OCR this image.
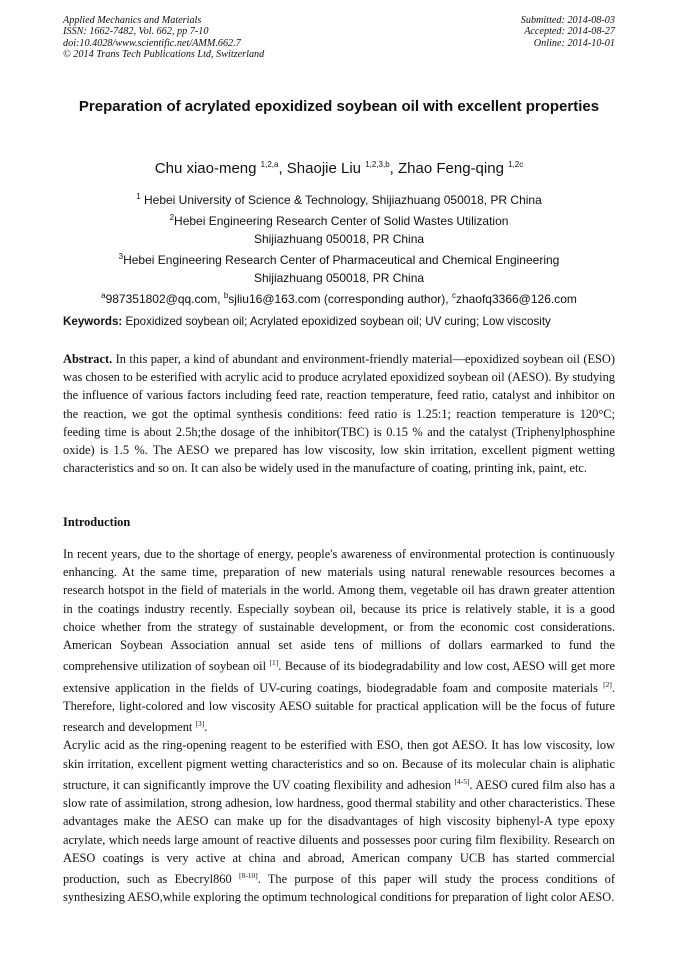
Applied Mechanics and Materials
ISSN: 1662-7482, Vol. 662, pp 7-10
doi:10.4028/www.scientific.net/AMM.662.7
© 2014 Trans Tech Publications Ltd, Switzerland
Submitted: 2014-08-03
Accepted: 2014-08-27
Online: 2014-10-01
Preparation of acrylated epoxidized soybean oil with excellent properties
Chu xiao-meng $^{1,2,a}$, Shaojie Liu $^{1,2,3,b}$, Zhao Feng-qing $^{1,2c}$
$^1$ Hebei University of Science & Technology, Shijiazhuang 050018, PR China
$^2$Hebei Engineering Research Center of Solid Wastes Utilization
Shijiazhuang 050018, PR China
$^3$Hebei Engineering Research Center of Pharmaceutical and Chemical Engineering
Shijiazhuang 050018, PR China
$^a$987351802@qq.com, $^b$sjliu16@163.com (corresponding author), $^c$zhaofq3366@126.com
Keywords: Epoxidized soybean oil; Acrylated epoxidized soybean oil; UV curing; Low viscosity
Abstract. In this paper, a kind of abundant and environment-friendly material—epoxidized soybean oil (ESO) was chosen to be esterified with acrylic acid to produce acrylated epoxidized soybean oil (AESO). By studying the influence of various factors including feed rate, reaction temperature, feed ratio, catalyst and inhibitor on the reaction, we got the optimal synthesis conditions: feed ratio is 1.25:1; reaction temperature is 120°C; feeding time is about 2.5h;the dosage of the inhibitor(TBC) is 0.15 % and the catalyst (Triphenylphosphine oxide) is 1.5 %. The AESO we prepared has low viscosity, low skin irritation, excellent pigment wetting characteristics and so on. It can also be widely used in the manufacture of coating, printing ink, paint, etc.
Introduction

In recent years, due to the shortage of energy, people's awareness of environmental protection is continuously enhancing. At the same time, preparation of new materials using natural renewable resources becomes a research hotspot in the field of materials in the world. Among them, vegetable oil has drawn greater attention in the coatings industry recently. Especially soybean oil, because its price is relatively stable, it is a good choice whether from the strategy of sustainable development, or from the economic cost considerations. American Soybean Association annual set aside tens of millions of dollars earmarked to fund the comprehensive utilization of soybean oil [1]. Because of its biodegradability and low cost, AESO will get more extensive application in the fields of UV-curing coatings, biodegradable foam and composite materials [2]. Therefore, light-colored and low viscosity AESO suitable for practical application will be the focus of future research and development [3].

Acrylic acid as the ring-opening reagent to be esterified with ESO, then got AESO. It has low viscosity, low skin irritation, excellent pigment wetting characteristics and so on. Because of its molecular chain is aliphatic structure, it can significantly improve the UV coating flexibility and adhesion [4-5]. AESO cured film also has a slow rate of assimilation, strong adhesion, low hardness, good thermal stability and other characteristics. These advantages make the AESO can make up for the disadvantages of high viscosity biphenyl-A type epoxy acrylate, which needs large amount of reactive diluents and possesses poor curing film flexibility. Research on AESO coatings is very active at china and abroad, American company UCB has started commercial production, such as Ebecryl860 [8-10]. The purpose of this paper will study the process conditions of synthesizing AESO,while exploring the optimum technological conditions for preparation of light color AESO.
